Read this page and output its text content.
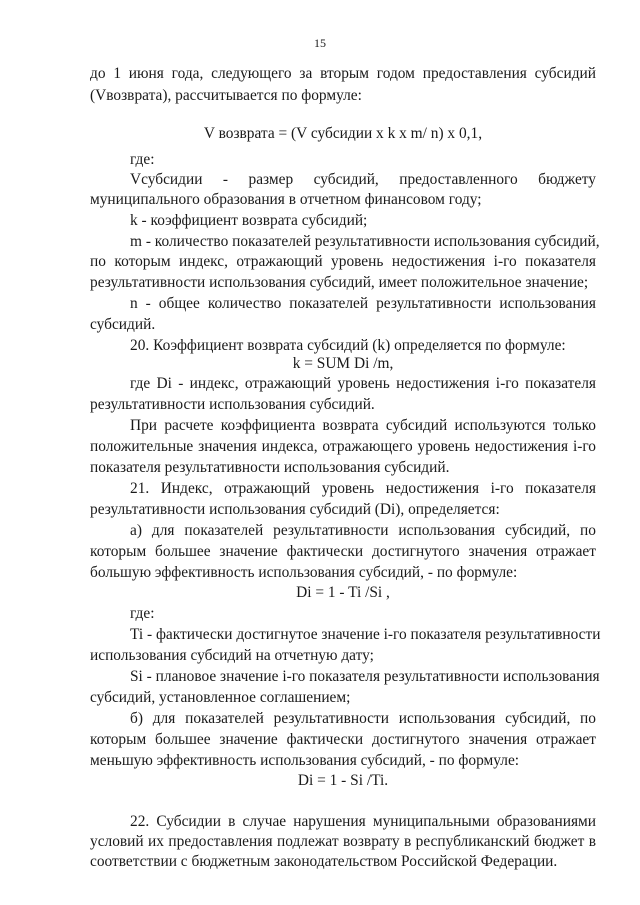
15
до 1 июня года, следующего за вторым годом предоставления субсидий
(Vвозврата), рассчитывается по формуле:
V возврата = (V субсидии х k х m/ n) х 0,1,
где:
Vсубсидии - размер субсидий, предоставленного бюджету
муниципального образования в отчетном финансовом году;
k - коэффициент возврата субсидий;
m - количество показателей результативности использования субсидий,
по которым индекс, отражающий уровень недостижения i-го показателя
результативности использования субсидий, имеет положительное значение;
n - общее количество показателей результативности использования
субсидий.
20. Коэффициент возврата субсидий (k) определяется по формуле:
k = SUM Di /m,
где Di - индекс, отражающий уровень недостижения i-го показателя
результативности использования субсидий.
При расчете коэффициента возврата субсидий используются только
положительные значения индекса, отражающего уровень недостижения i-го
показателя результативности использования субсидий.
21. Индекс, отражающий уровень недостижения i-го показателя
результативности использования субсидий (Di), определяется:
а) для показателей результативности использования субсидий, по
которым большее значение фактически достигнутого значения отражает
большую эффективность использования субсидий, - по формуле:
Di = 1 - Ti /Si ,
где:
Ti - фактически достигнутое значение i-го показателя результативности
использования субсидий на отчетную дату;
Si - плановое значение i-го показателя результативности использования
субсидий, установленное соглашением;
б) для показателей результативности использования субсидий, по
которым большее значение фактически достигнутого значения отражает
меньшую эффективность использования субсидий, - по формуле:
Di = 1 - Si /Ti.
22. Субсидии в случае нарушения муниципальными образованиями
условий их предоставления подлежат возврату в республиканский бюджет в
соответствии с бюджетным законодательством Российской Федерации.
